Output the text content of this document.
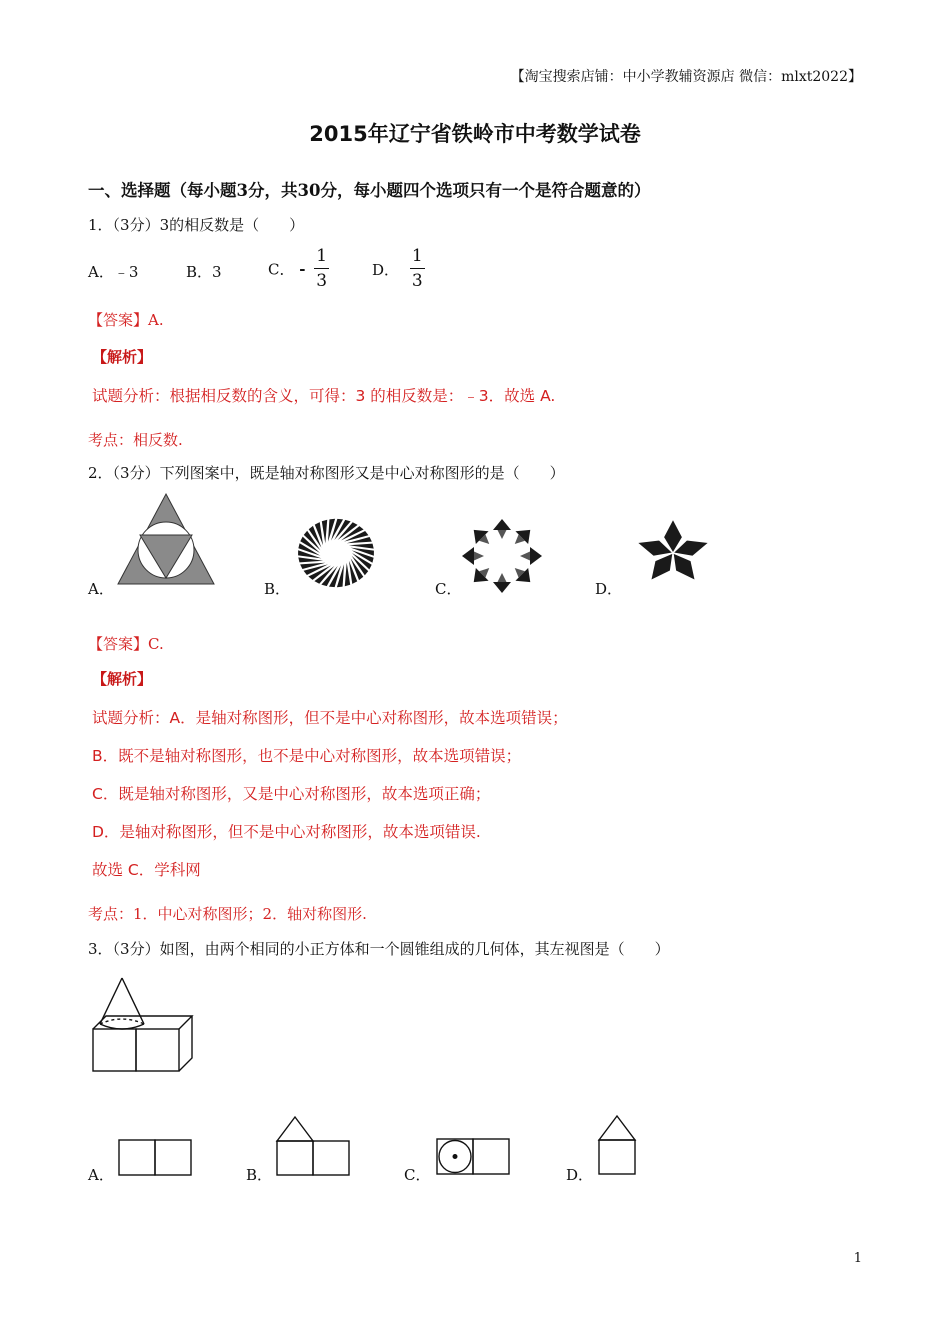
【淘宝搜索店铺：中小学教辅资源店 微信：mlxt2022】
2015年辽宁省铁岭市中考数学试卷
一、选择题（每小题3分，共30分，每小题四个选项只有一个是符合题意的）
1．（3分）3的相反数是（　　）
A．﹣3	B．3	C． - $\frac{1}{3}$	D． $\frac{1}{3}$
【答案】A.
【解析】
试题分析：根据相反数的含义，可得：3 的相反数是：﹣3．故选 A.
考点：相反数.
2．（3分）下列图案中，既是轴对称图形又是中心对称图形的是（　　）
A．	B．	C．	D．
【答案】C.
【解析】
试题分析：A．是轴对称图形，但不是中心对称图形，故本选项错误；
B．既不是轴对称图形，也不是中心对称图形，故本选项错误；
C．既是轴对称图形，又是中心对称图形，故本选项正确；
D．是轴对称图形，但不是中心对称图形，故本选项错误.
故选 C．学科网
考点：1．中心对称图形；2．轴对称图形.
3．（3分）如图，由两个相同的小正方体和一个圆锥组成的几何体，其左视图是（　　）
A．	B．	C．	D．
1
